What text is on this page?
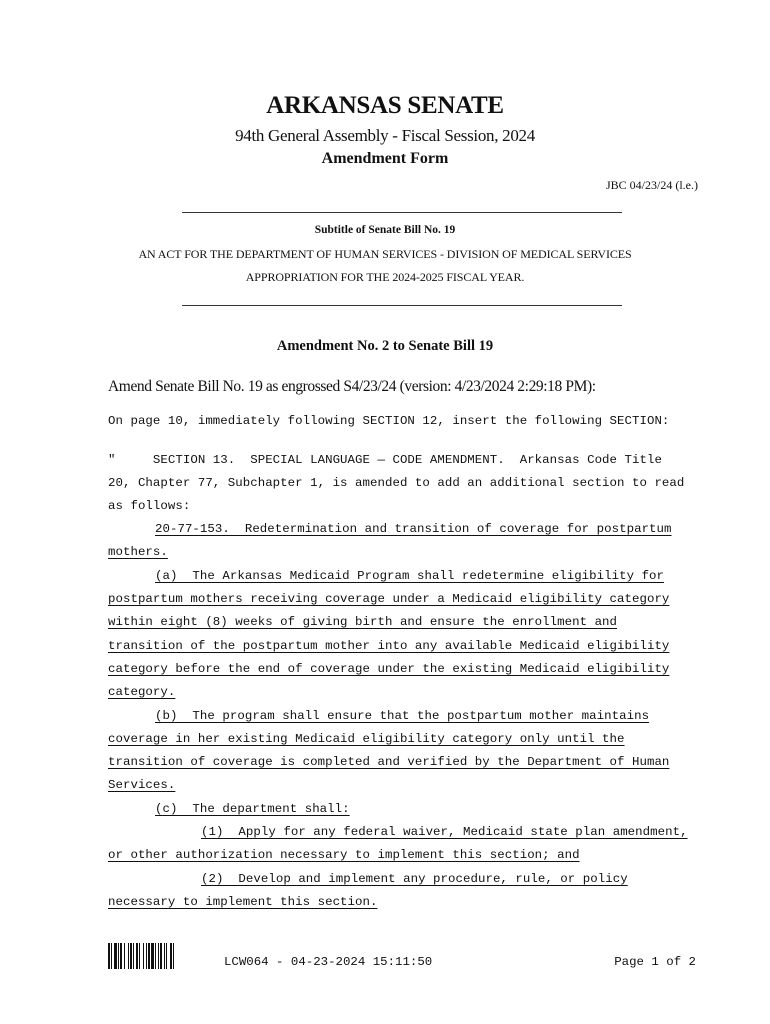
ARKANSAS SENATE
94th General Assembly - Fiscal Session, 2024
Amendment Form
JBC 04/23/24 (l.e.)
Subtitle of Senate Bill No. 19
AN ACT FOR THE DEPARTMENT OF HUMAN SERVICES - DIVISION OF MEDICAL SERVICES
APPROPRIATION FOR THE 2024-2025 FISCAL YEAR.
Amendment No. 2 to Senate Bill 19
Amend Senate Bill No. 19 as engrossed S4/23/24 (version: 4/23/2024 2:29:18 PM):
On page 10, immediately following SECTION 12, insert the following SECTION:
"     SECTION 13.  SPECIAL LANGUAGE — CODE AMENDMENT.  Arkansas Code Title
20, Chapter 77, Subchapter 1, is amended to add an additional section to read
as follows:
20-77-153.  Redetermination and transition of coverage for postpartum
mothers.
(a)  The Arkansas Medicaid Program shall redetermine eligibility for
postpartum mothers receiving coverage under a Medicaid eligibility category
within eight (8) weeks of giving birth and ensure the enrollment and
transition of the postpartum mother into any available Medicaid eligibility
category before the end of coverage under the existing Medicaid eligibility
category.
(b)  The program shall ensure that the postpartum mother maintains
coverage in her existing Medicaid eligibility category only until the
transition of coverage is completed and verified by the Department of Human
Services.
(c)  The department shall:
(1)  Apply for any federal waiver, Medicaid state plan amendment,
or other authorization necessary to implement this section; and
(2)  Develop and implement any procedure, rule, or policy
necessary to implement this section.
LCW064 - 04-23-2024 15:11:50	Page 1 of 2
